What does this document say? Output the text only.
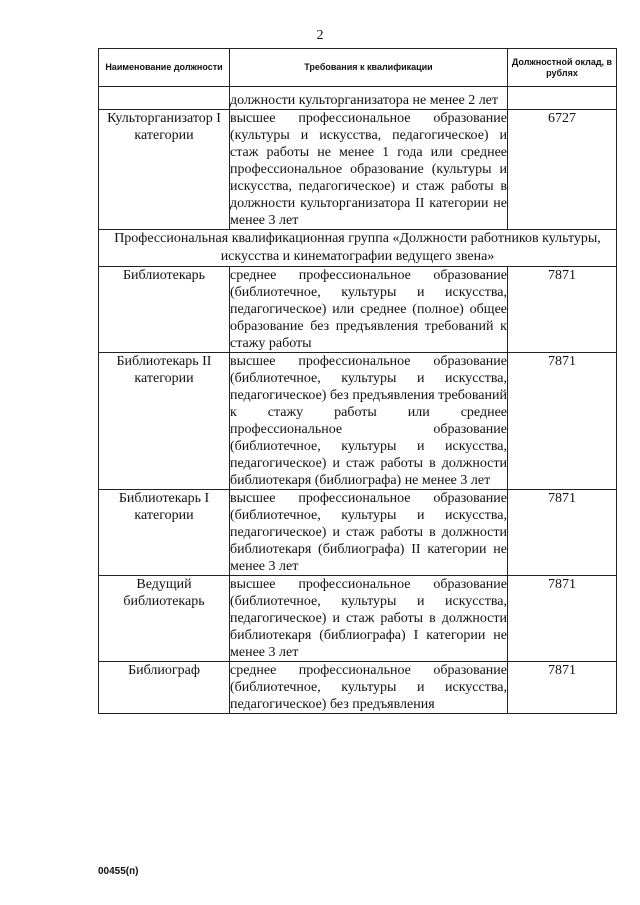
2
Наименование должности	Требования к квалификации	Должностной оклад, в рублях
	должности культорганизатора не менее 2 лет	
Культорганизатор I категории	высшее профессиональное образование (культуры и искусства, педагогическое) и стаж работы не менее 1 года или среднее профессиональное образование (культуры и искусства, педагогическое) и стаж работы в должности культорганизатора II категории не менее 3 лет	6727
Профессиональная квалификационная группа «Должности работников культуры, искусства и кинематографии ведущего звена»		
Библиотекарь	среднее профессиональное образование (библиотечное, культуры и искусства, педагогическое) или среднее (полное) общее образование без предъявления требований к стажу работы	7871
Библиотекарь II категории	высшее профессиональное образование (библиотечное, культуры и искусства, педагогическое) без предъявления требований к стажу работы или среднее профессиональное образование (библиотечное, культуры и искусства, педагогическое) и стаж работы в должности библиотекаря (библиографа) не менее 3 лет	7871
Библиотекарь I категории	высшее профессиональное образование (библиотечное, культуры и искусства, педагогическое) и стаж работы в должности библиотекаря (библиографа) II категории не менее 3 лет	7871
Ведущий библиотекарь	высшее профессиональное образование (библиотечное, культуры и искусства, педагогическое) и стаж работы в должности библиотекаря (библиографа) I категории не менее 3 лет	7871
Библиограф	среднее профессиональное образование (библиотечное, культуры и искусства, педагогическое) без предъявления	7871
00455(п)
